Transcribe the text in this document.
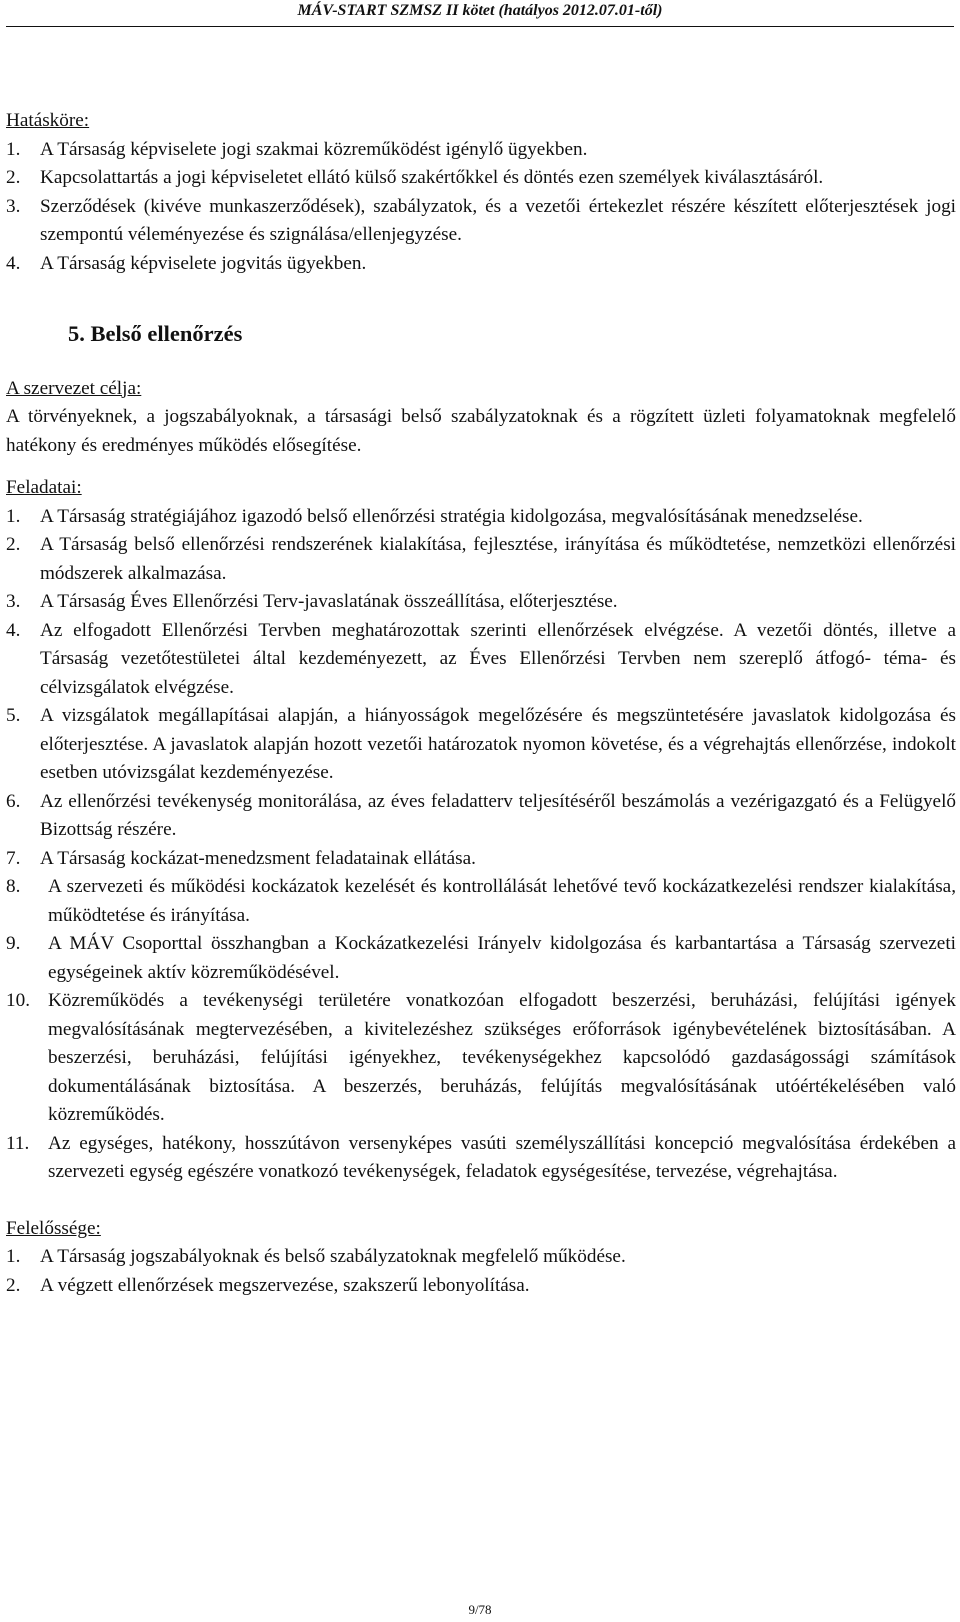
MÁV-START SZMSZ II kötet (hatályos 2012.07.01-től)
Hatásköre:
1.	A Társaság képviselete jogi szakmai közreműködést igénylő ügyekben.
2.	Kapcsolattartás a jogi képviseletet ellátó külső szakértőkkel és döntés ezen személyek kiválasztásáról.
3.	Szerződések (kivéve munkaszerződések), szabályzatok, és a vezetői értekezlet részére készített előterjesztések jogi szempontú véleményezése és szignálása/ellenjegyzése.
4.	A Társaság képviselete jogvitás ügyekben.
5. Belső ellenőrzés
A szervezet célja:
A törvényeknek, a jogszabályoknak, a társasági belső szabályzatoknak és a rögzített üzleti folyamatoknak megfelelő hatékony és eredményes működés elősegítése.
Feladatai:
1.	A Társaság stratégiájához igazodó belső ellenőrzési stratégia kidolgozása, megvalósításának menedzselése.
2.	A Társaság belső ellenőrzési rendszerének kialakítása, fejlesztése, irányítása és működtetése, nemzetközi ellenőrzési módszerek alkalmazása.
3.	A Társaság Éves Ellenőrzési Terv-javaslatának összeállítása, előterjesztése.
4.	Az elfogadott Ellenőrzési Tervben meghatározottak szerinti ellenőrzések elvégzése. A vezetői döntés, illetve a Társaság vezetőtestületei által kezdeményezett, az Éves Ellenőrzési Tervben nem szereplő átfogó- téma- és célvizsgálatok elvégzése.
5.	A vizsgálatok megállapításai alapján, a hiányosságok megelőzésére és megszüntetésére javaslatok kidolgozása és előterjesztése. A javaslatok alapján hozott vezetői határozatok nyomon követése, és a végrehajtás ellenőrzése, indokolt esetben utóvizsgálat kezdeményezése.
6.	Az ellenőrzési tevékenység monitorálása, az éves feladatterv teljesítéséről beszámolás a vezérigazgató és a Felügyelő Bizottság részére.
7.	A Társaság kockázat-menedzsment feladatainak ellátása.
8.	A szervezeti és működési kockázatok kezelését és kontrollálását lehetővé tevő kockázatkezelési rendszer kialakítása, működtetése és irányítása.
9.	A MÁV Csoporttal összhangban a Kockázatkezelési Irányelv kidolgozása és karbantartása a Társaság szervezeti egységeinek aktív közreműködésével.
10. Közreműködés a tevékenységi területére vonatkozóan elfogadott beszerzési, beruházási, felújítási igények megvalósításának megtervezésében, a kivitelezéshez szükséges erőforrások igénybevételének biztosításában. A beszerzési, beruházási, felújítási igényekhez, tevékenységekhez kapcsolódó gazdaságossági számítások dokumentálásának biztosítása. A beszerzés, beruházás, felújítás megvalósításának utóértékelésében való közreműködés.
11. Az egységes, hatékony, hosszútávon versenyképes vasúti személyszállítási koncepció megvalósítása érdekében a szervezeti egység egészére vonatkozó tevékenységek, feladatok egységesítése, tervezése, végrehajtása.
Felelőssége:
1.	A Társaság jogszabályoknak és belső szabályzatoknak megfelelő működése.
2.	A végzett ellenőrzések megszervezése, szakszerű lebonyolítása.
9/78
